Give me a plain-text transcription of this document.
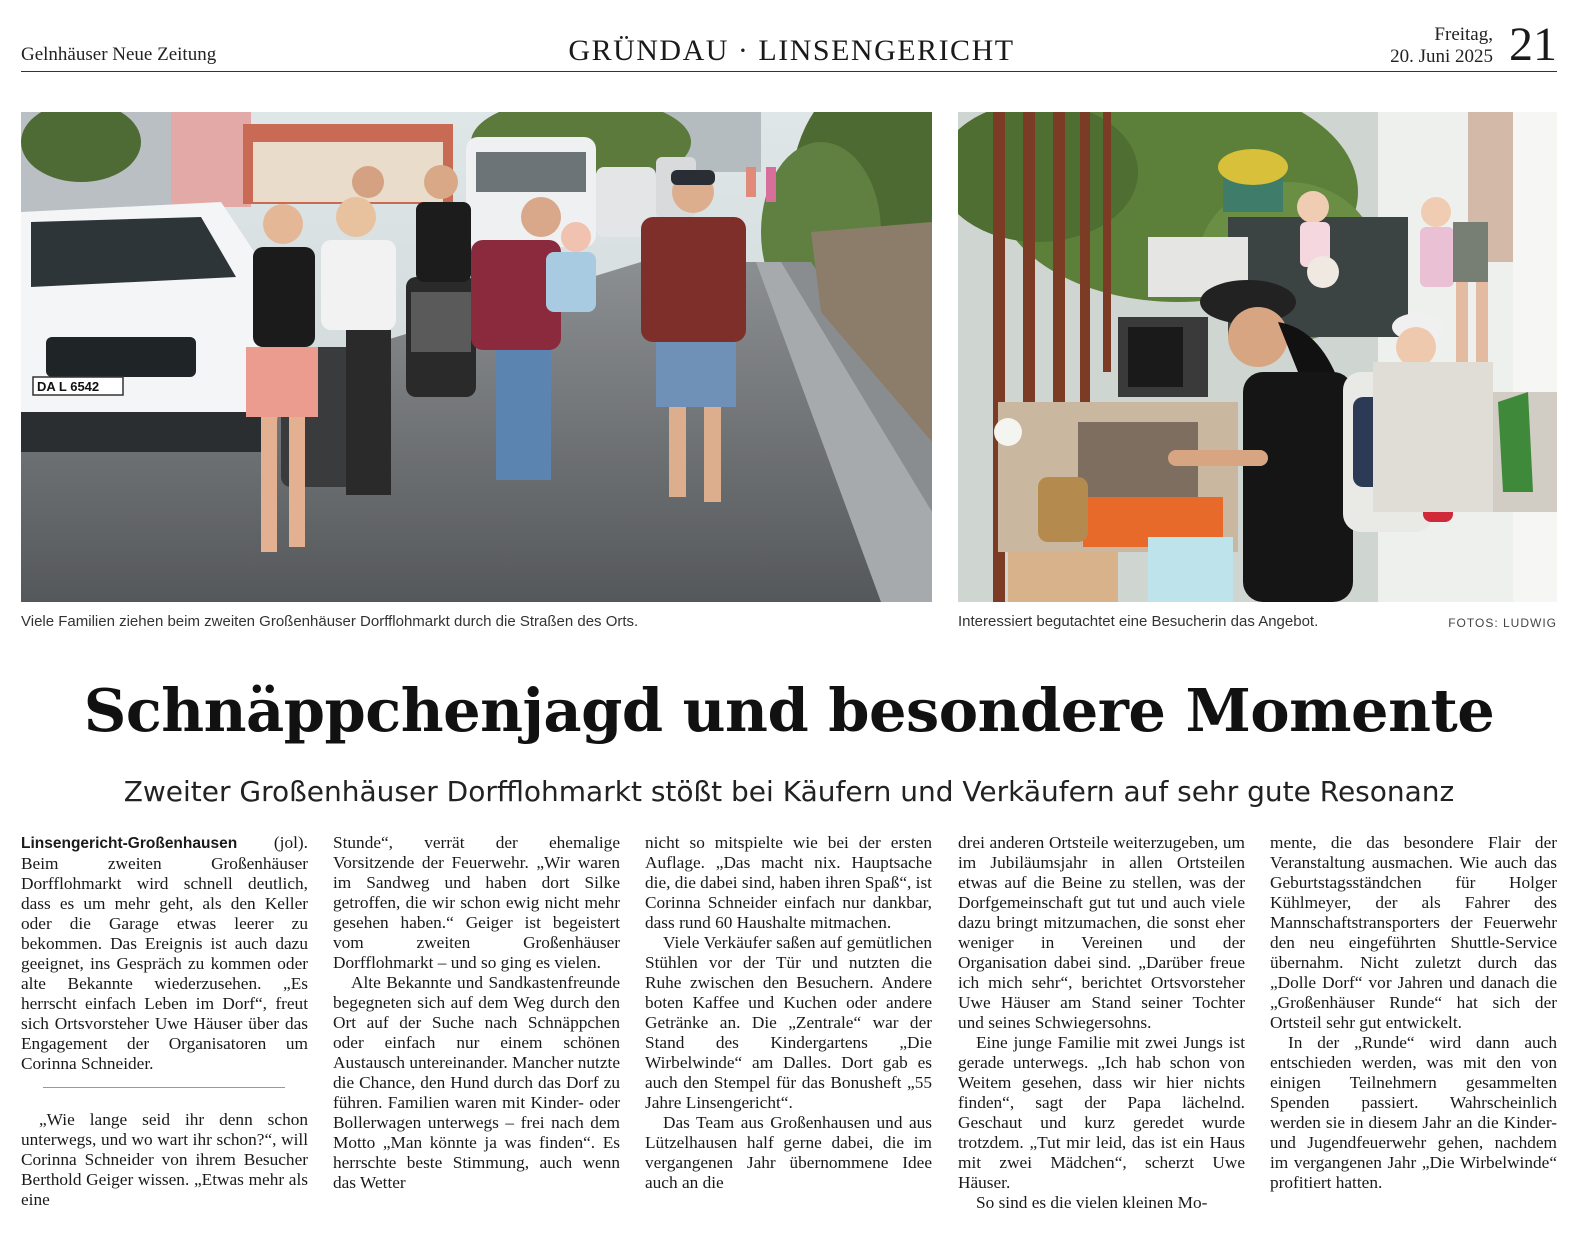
Gelnhäuser Neue Zeitung	GRÜNDAU · LINSENGERICHT	Freitag,
20. Juni 2025 21
DA L 6542
Viele Familien ziehen beim zweiten Großenhäuser Dorfflohmarkt durch die Straßen des Orts.	Interessiert begutachtet eine Besucherin das Angebot.	FOTOS: LUDWIG
Schnäppchenjagd und besondere Momente
Zweiter Großenhäuser Dorfflohmarkt stößt bei Käufern und Verkäufern auf sehr gute Resonanz

Linsengericht-Großenhausen (jol). Beim zweiten Großenhäuser Dorfflohmarkt wird schnell deutlich, dass es um mehr geht, als den Keller oder die Garage etwas leerer zu bekommen. Das Ereignis ist auch dazu geeignet, ins Gespräch zu kommen oder alte Bekannte wiederzusehen. „Es herrscht einfach Leben im Dorf“, freut sich Ortsvorsteher Uwe Häuser über das Engagement der Organisatoren um Corinna Schneider.

„Wie lange seid ihr denn schon unterwegs, und wo wart ihr schon?“, will Corinna Schneider von ihrem Besucher Berthold Geiger wissen. „Etwas mehr als eine

Stunde“, verrät der ehemalige Vorsitzende der Feuerwehr. „Wir waren im Sandweg und haben dort Silke getroffen, die wir schon ewig nicht mehr gesehen haben.“ Geiger ist begeistert vom zweiten Großenhäuser Dorfflohmarkt – und so ging es vielen.

Alte Bekannte und Sandkastenfreunde begegneten sich auf dem Weg durch den Ort auf der Suche nach Schnäppchen oder einfach nur einem schönen Austausch untereinander. Mancher nutzte die Chance, den Hund durch das Dorf zu führen. Familien waren mit Kinder- oder Bollerwagen unterwegs – frei nach dem Motto „Man könnte ja was finden“. Es herrschte beste Stimmung, auch wenn das Wetter

nicht so mitspielte wie bei der ersten Auflage. „Das macht nix. Hauptsache die, die dabei sind, haben ihren Spaß“, ist Corinna Schneider einfach nur dankbar, dass rund 60 Haushalte mitmachen.

Viele Verkäufer saßen auf gemütlichen Stühlen vor der Tür und nutzten die Ruhe zwischen den Besuchern. Andere boten Kaffee und Kuchen oder andere Getränke an. Die „Zentrale“ war der Stand des Kindergartens „Die Wirbelwinde“ am Dalles. Dort gab es auch den Stempel für das Bonusheft „55 Jahre Linsengericht“.

Das Team aus Großenhausen und aus Lützelhausen half gerne dabei, die im vergangenen Jahr übernommene Idee auch an die

drei anderen Ortsteile weiterzugeben, um im Jubiläumsjahr in allen Ortsteilen etwas auf die Beine zu stellen, was der Dorfgemeinschaft gut tut und auch viele dazu bringt mitzumachen, die sonst eher weniger in Vereinen und der Organisation dabei sind. „Darüber freue ich mich sehr“, berichtet Ortsvorsteher Uwe Häuser am Stand seiner Tochter und seines Schwiegersohns.

Eine junge Familie mit zwei Jungs ist gerade unterwegs. „Ich hab schon von Weitem gesehen, dass wir hier nichts finden“, sagt der Papa lächelnd. Geschaut und kurz geredet wurde trotzdem. „Tut mir leid, das ist ein Haus mit zwei Mädchen“, scherzt Uwe Häuser.

So sind es die vielen kleinen Mo-

mente, die das besondere Flair der Veranstaltung ausmachen. Wie auch das Geburtstagsständchen für Holger Kühlmeyer, der als Fahrer des Mannschaftstransporters der Feuerwehr den neu eingeführten Shuttle-Service übernahm. Nicht zuletzt durch das „Dolle Dorf“ vor Jahren und danach die „Großenhäuser Runde“ hat sich der Ortsteil sehr gut entwickelt.

In der „Runde“ wird dann auch entschieden werden, was mit den von einigen Teilnehmern gesammelten Spenden passiert. Wahrscheinlich werden sie in diesem Jahr an die Kinder- und Jugendfeuerwehr gehen, nachdem im vergangenen Jahr „Die Wirbelwinde“ profitiert hatten.
